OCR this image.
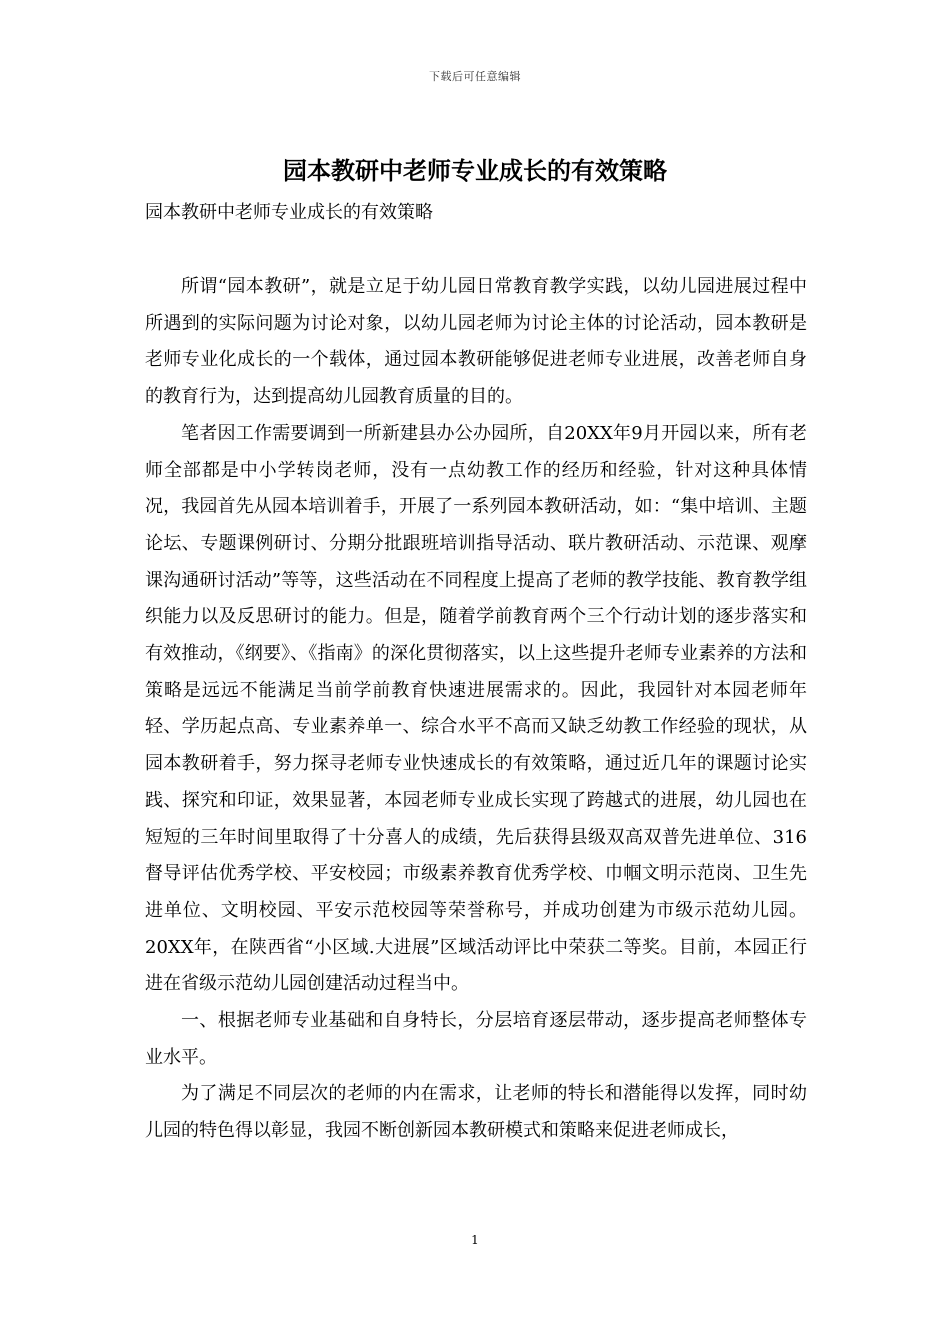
下载后可任意编辑
园本教研中老师专业成长的有效策略

园本教研中老师专业成长的有效策略

所谓“园本教研”，就是立足于幼儿园日常教育教学实践，以幼儿园进展过程中所遇到的实际问题为讨论对象，以幼儿园老师为讨论主体的讨论活动，园本教研是老师专业化成长的一个载体，通过园本教研能够促进老师专业进展，改善老师自身的教育行为，达到提高幼儿园教育质量的目的。

笔者因工作需要调到一所新建县办公办园所，自20XX年9月开园以来，所有老师全部都是中小学转岗老师，没有一点幼教工作的经历和经验，针对这种具体情况，我园首先从园本培训着手，开展了一系列园本教研活动，如：“集中培训、主题论坛、专题课例研讨、分期分批跟班培训指导活动、联片教研活动、示范课、观摩课沟通研讨活动”等等，这些活动在不同程度上提高了老师的教学技能、教育教学组织能力以及反思研讨的能力。但是，随着学前教育两个三个行动计划的逐步落实和有效推动，《纲要》、《指南》的深化贯彻落实，以上这些提升老师专业素养的方法和策略是远远不能满足当前学前教育快速进展需求的。因此，我园针对本园老师年轻、学历起点高、专业素养单一、综合水平不高而又缺乏幼教工作经验的现状，从园本教研着手，努力探寻老师专业快速成长的有效策略，通过近几年的课题讨论实践、探究和印证，效果显著，本园老师专业成长实现了跨越式的进展，幼儿园也在短短的三年时间里取得了十分喜人的成绩，先后获得县级双高双普先进单位、316督导评估优秀学校、平安校园；市级素养教育优秀学校、巾帼文明示范岗、卫生先进单位、文明校园、平安示范校园等荣誉称号，并成功创建为市级示范幼儿园。20XX年，在陕西省“小区域.大进展”区域活动评比中荣获二等奖。目前，本园正行进在省级示范幼儿园创建活动过程当中。

一、根据老师专业基础和自身特长，分层培育逐层带动，逐步提高老师整体专业水平。

为了满足不同层次的老师的内在需求，让老师的特长和潜能得以发挥，同时幼儿园的特色得以彰显，我园不断创新园本教研模式和策略来促进老师成长，

1
